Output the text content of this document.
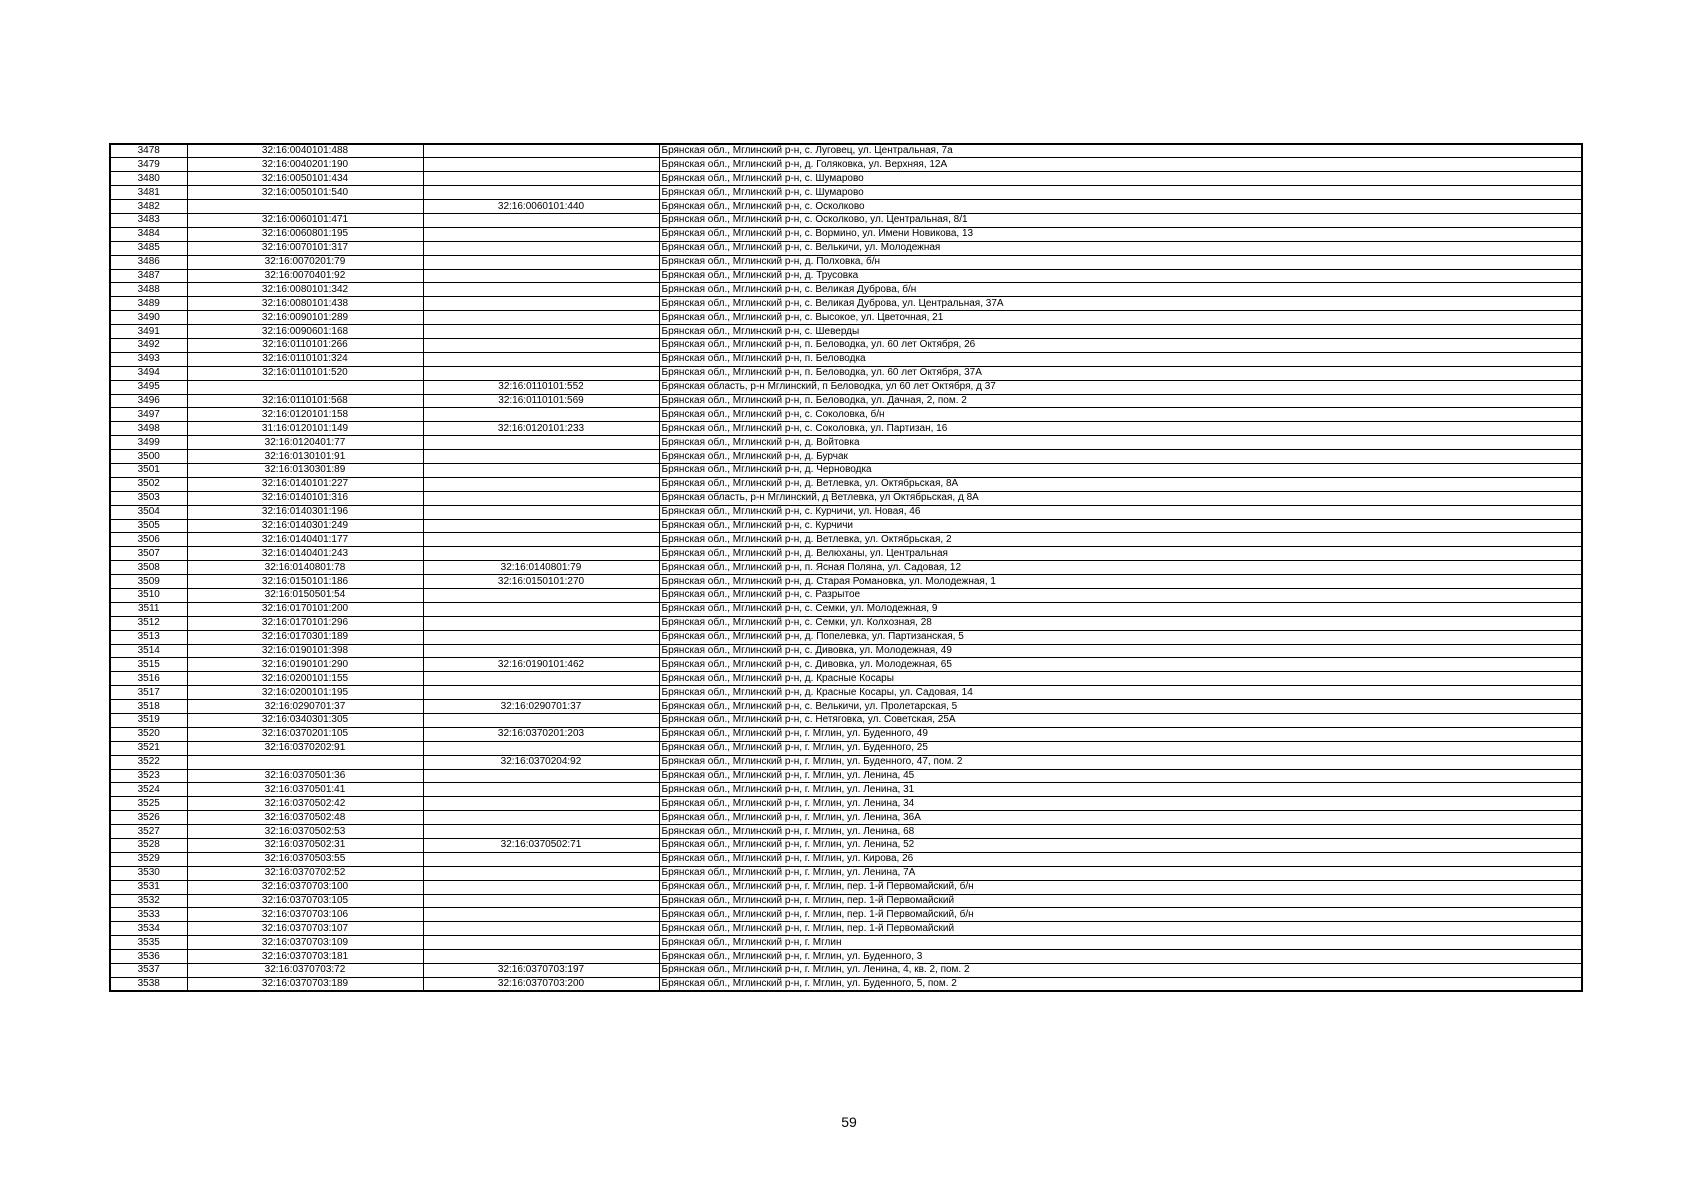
3478	32:16:0040101:488		Брянская обл., Мглинский р-н, с. Луговец, ул. Центральная, 7а
3479	32:16:0040201:190		Брянская обл., Мглинский р-н, д. Голяковка, ул. Верхняя, 12А
3480	32:16:0050101:434		Брянская обл., Мглинский р-н, с. Шумарово
3481	32:16:0050101:540		Брянская обл., Мглинский р-н, с. Шумарово
3482		32:16:0060101:440	Брянская обл., Мглинский р-н, с. Осколково
3483	32:16:0060101:471		Брянская обл., Мглинский р-н, с. Осколково, ул. Центральная, 8/1
3484	32:16:0060801:195		Брянская обл., Мглинский р-н, с. Вормино, ул. Имени Новикова, 13
3485	32:16:0070101:317		Брянская обл., Мглинский р-н, с. Велькичи, ул. Молодежная
3486	32:16:0070201:79		Брянская обл., Мглинский р-н, д. Полховка, б/н
3487	32:16:0070401:92		Брянская обл., Мглинский р-н, д. Трусовка
3488	32:16:0080101:342		Брянская обл., Мглинский р-н, с. Великая Дуброва, б/н
3489	32:16:0080101:438		Брянская обл., Мглинский р-н, с. Великая Дуброва, ул. Центральная, 37А
3490	32:16:0090101:289		Брянская обл., Мглинский р-н, с. Высокое, ул. Цветочная, 21
3491	32:16:0090601:168		Брянская обл., Мглинский р-н, с. Шеверды
3492	32:16:0110101:266		Брянская обл., Мглинский р-н, п. Беловодка, ул. 60 лет Октября, 26
3493	32:16:0110101:324		Брянская обл., Мглинский р-н, п. Беловодка
3494	32:16:0110101:520		Брянская обл., Мглинский р-н, п. Беловодка, ул. 60 лет Октября, 37А
3495		32:16:0110101:552	Брянская область, р-н Мглинский, п Беловодка, ул 60 лет Октября, д 37
3496	32:16:0110101:568	32:16:0110101:569	Брянская обл., Мглинский р-н, п. Беловодка, ул. Дачная, 2, пом. 2
3497	32:16:0120101:158		Брянская обл., Мглинский р-н, с. Соколовка, б/н
3498	31:16:0120101:149	32:16:0120101:233	Брянская обл., Мглинский р-н, с. Соколовка, ул. Партизан, 16
3499	32:16:0120401:77		Брянская обл., Мглинский р-н, д. Войтовка
3500	32:16:0130101:91		Брянская обл., Мглинский р-н, д. Бурчак
3501	32:16:0130301:89		Брянская обл., Мглинский р-н, д. Черноводка
3502	32:16:0140101:227		Брянская обл., Мглинский р-н, д. Ветлевка, ул. Октябрьская, 8А
3503	32:16:0140101:316		Брянская область, р-н Мглинский, д Ветлевка, ул Октябрьская, д 8А
3504	32:16:0140301:196		Брянская обл., Мглинский р-н, с. Курчичи, ул. Новая, 46
3505	32:16:0140301:249		Брянская обл., Мглинский р-н, с. Курчичи
3506	32:16:0140401:177		Брянская обл., Мглинский р-н, д. Ветлевка, ул. Октябрьская, 2
3507	32:16:0140401:243		Брянская обл., Мглинский р-н, д. Велюханы, ул. Центральная
3508	32:16:0140801:78	32:16:0140801:79	Брянская обл., Мглинский р-н, п. Ясная Поляна, ул. Садовая, 12
3509	32:16:0150101:186	32:16:0150101:270	Брянская обл., Мглинский р-н, д. Старая Романовка, ул. Молодежная, 1
3510	32:16:0150501:54		Брянская обл., Мглинский р-н, с. Разрытое
3511	32:16:0170101:200		Брянская обл., Мглинский р-н, с. Семки, ул. Молодежная, 9
3512	32:16:0170101:296		Брянская обл., Мглинский р-н, с. Семки, ул. Колхозная, 28
3513	32:16:0170301:189		Брянская обл., Мглинский р-н, д. Попелевка, ул. Партизанская, 5
3514	32:16:0190101:398		Брянская обл., Мглинский р-н, с. Дивовка, ул. Молодежная, 49
3515	32:16:0190101:290	32:16:0190101:462	Брянская обл., Мглинский р-н, с. Дивовка, ул. Молодежная, 65
3516	32:16:0200101:155		Брянская обл., Мглинский р-н, д. Красные Косары
3517	32:16:0200101:195		Брянская обл., Мглинский р-н, д. Красные Косары, ул. Садовая, 14
3518	32:16:0290701:37	32:16:0290701:37	Брянская обл., Мглинский р-н, с. Велькичи, ул. Пролетарская, 5
3519	32:16:0340301:305		Брянская обл., Мглинский р-н, с. Нетяговка, ул. Советская, 25А
3520	32:16:0370201:105	32:16:0370201:203	Брянская обл., Мглинский р-н, г. Мглин, ул. Буденного, 49
3521	32:16:0370202:91		Брянская обл., Мглинский р-н, г. Мглин, ул. Буденного, 25
3522		32:16:0370204:92	Брянская обл., Мглинский р-н, г. Мглин, ул. Буденного, 47, пом. 2
3523	32:16:0370501:36		Брянская обл., Мглинский р-н, г. Мглин, ул. Ленина, 45
3524	32:16:0370501:41		Брянская обл., Мглинский р-н, г. Мглин, ул. Ленина, 31
3525	32:16:0370502:42		Брянская обл., Мглинский р-н, г. Мглин, ул. Ленина, 34
3526	32:16:0370502:48		Брянская обл., Мглинский р-н, г. Мглин, ул. Ленина, 36А
3527	32:16:0370502:53		Брянская обл., Мглинский р-н, г. Мглин, ул. Ленина, 68
3528	32:16:0370502:31	32:16:0370502:71	Брянская обл., Мглинский р-н, г. Мглин, ул. Ленина, 52
3529	32:16:0370503:55		Брянская обл., Мглинский р-н, г. Мглин, ул. Кирова, 26
3530	32:16:0370702:52		Брянская обл., Мглинский р-н, г. Мглин, ул. Ленина, 7А
3531	32:16:0370703:100		Брянская обл., Мглинский р-н, г. Мглин, пер. 1-й Первомайский, б/н
3532	32:16:0370703:105		Брянская обл., Мглинский р-н, г. Мглин, пер. 1-й Первомайский
3533	32:16:0370703:106		Брянская обл., Мглинский р-н, г. Мглин, пер. 1-й Первомайский, б/н
3534	32:16:0370703:107		Брянская обл., Мглинский р-н, г. Мглин, пер. 1-й Первомайский
3535	32:16:0370703:109		Брянская обл., Мглинский р-н, г. Мглин
3536	32:16:0370703:181		Брянская обл., Мглинский р-н, г. Мглин, ул. Буденного, 3
3537	32:16:0370703:72	32:16:0370703:197	Брянская обл., Мглинский р-н, г. Мглин, ул. Ленина, 4, кв. 2, пом. 2
3538	32:16:0370703:189	32:16:0370703:200	Брянская обл., Мглинский р-н, г. Мглин, ул. Буденного, 5, пом. 2
59
